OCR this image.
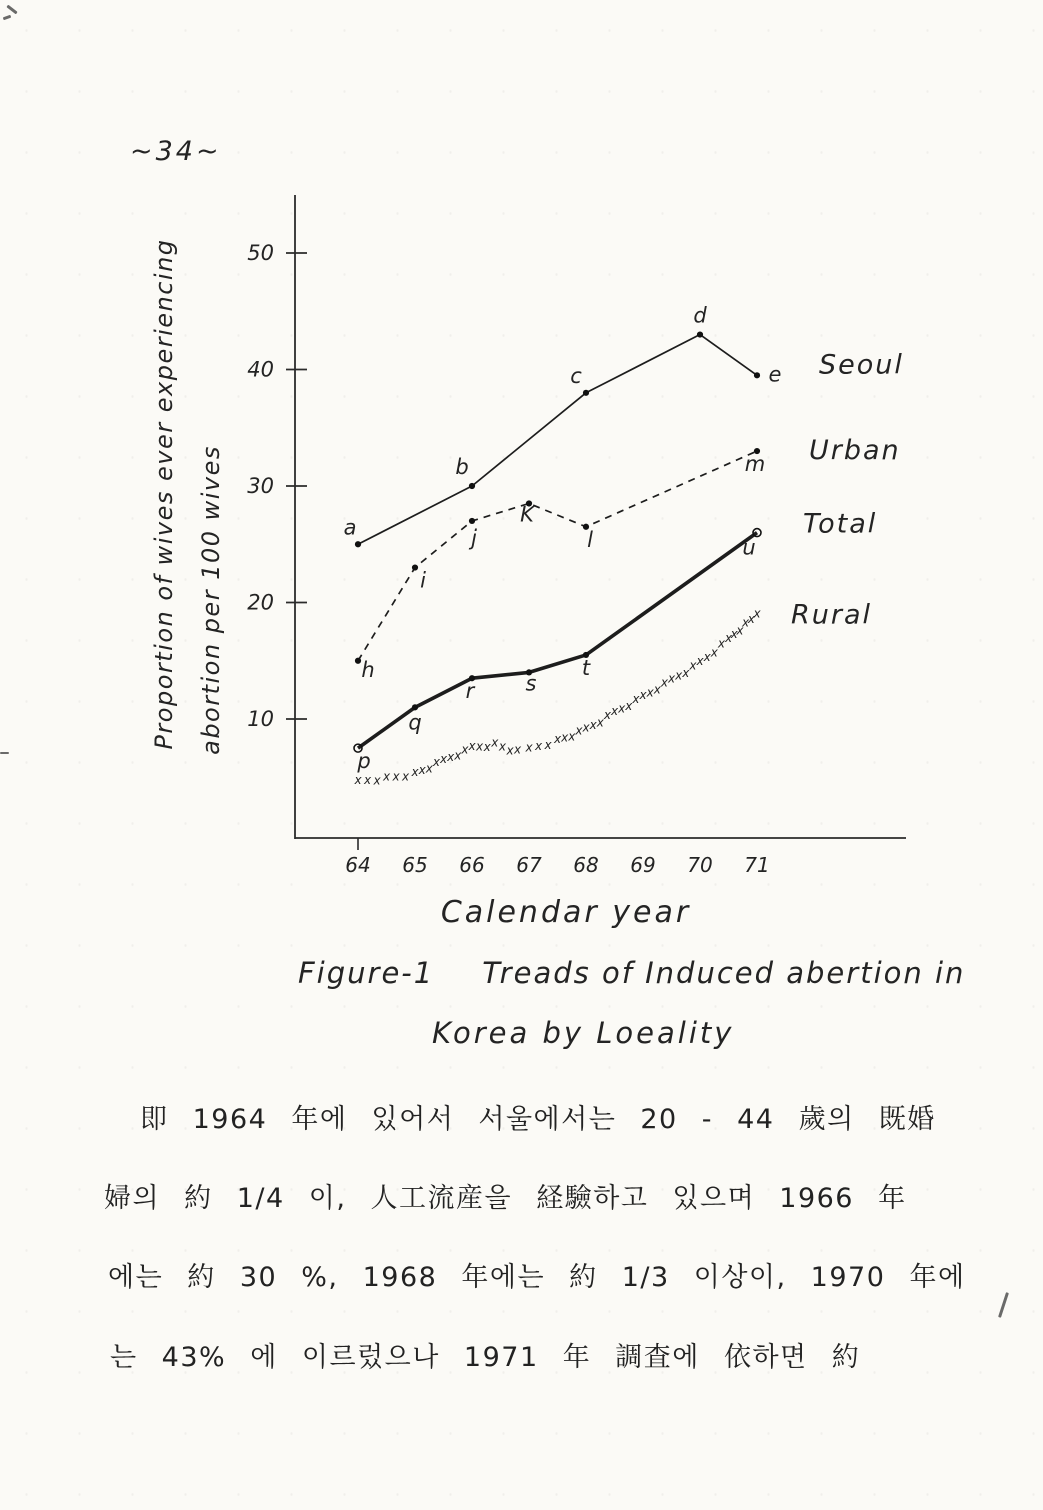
~34~
50
40
30
20
10
Proportion of wives ever experiencing abortion per 100 wives
64 65 66 67 68 69 70 71
Calendar year
a
b
c
d
e Seoul
h
i
j
K
l
m Urban
p
q
r s
t
u
Total
x x x x x x x x x x x x x x x x x x x x x x x x x x x x x x x
x x x x
x x x x
x x x x
x x x x
x x
x
x
x
x
x Rural
Figure-1 Treads of Induced abertion in
Korea by Loeality
即 1964 年에 있어서 서울에서는 20 - 44 歲의 既婚
婦의 約 1/4 이, 人工流産을 経驗하고 있으며 1966 年
에는 約 30 %, 1968 年에는 約 1/3 이상이, 1970 年에
는 43% 에 이르렀으나 1971 年 調査에 依하면 約
